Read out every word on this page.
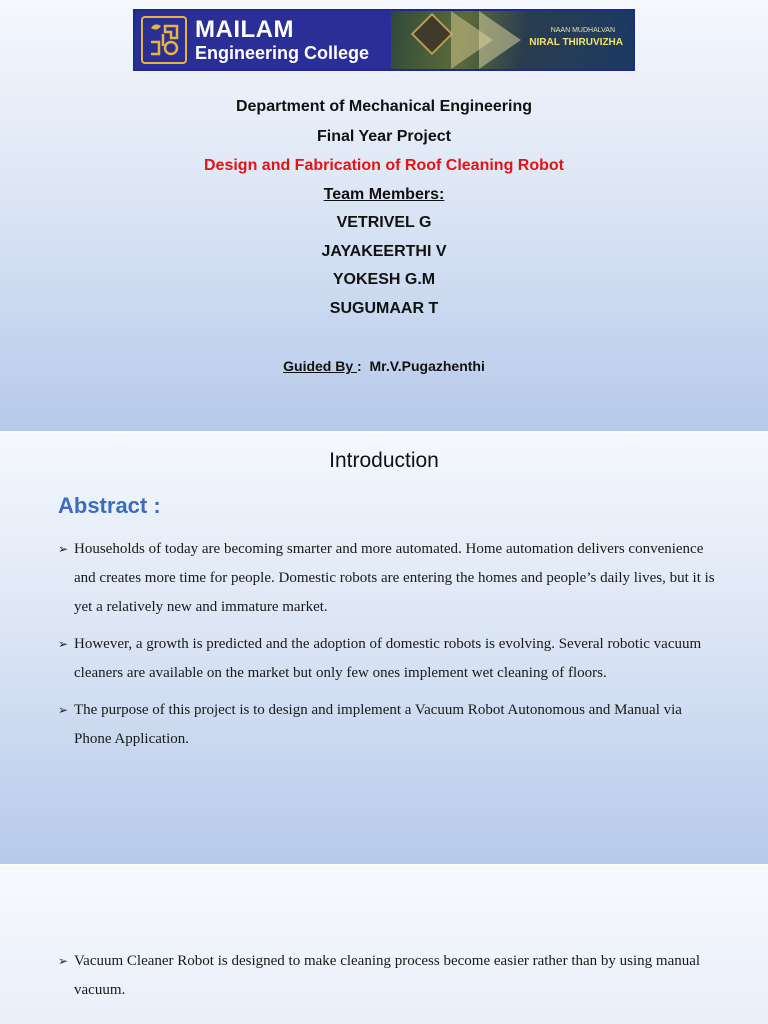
MAILAM
Engineering College
NAAN MUDHALVAN
NIRAL THIRUVIZHA
Department of Mechanical Engineering
Final Year Project
Design and Fabrication of Roof Cleaning Robot
Team Members:
VETRIVEL G
JAYAKEERTHI V
YOKESH G.M
SUGUMAAR T
Guided By : Mr.V.Pugazhenthi
Introduction
Abstract :
➢ Households of today are becoming smarter and more automated. Home automation delivers convenience and creates more time for people. Domestic robots are entering the homes and people’s daily lives, but it is yet a relatively new and immature market.
➢ However, a growth is predicted and the adoption of domestic robots is evolving. Several robotic vacuum cleaners are available on the market but only few ones implement wet cleaning of floors.
➢ The purpose of this project is to design and implement a Vacuum Robot Autonomous and Manual via Phone Application.
➢ Vacuum Cleaner Robot is designed to make cleaning process become easier rather than by using manual vacuum.
